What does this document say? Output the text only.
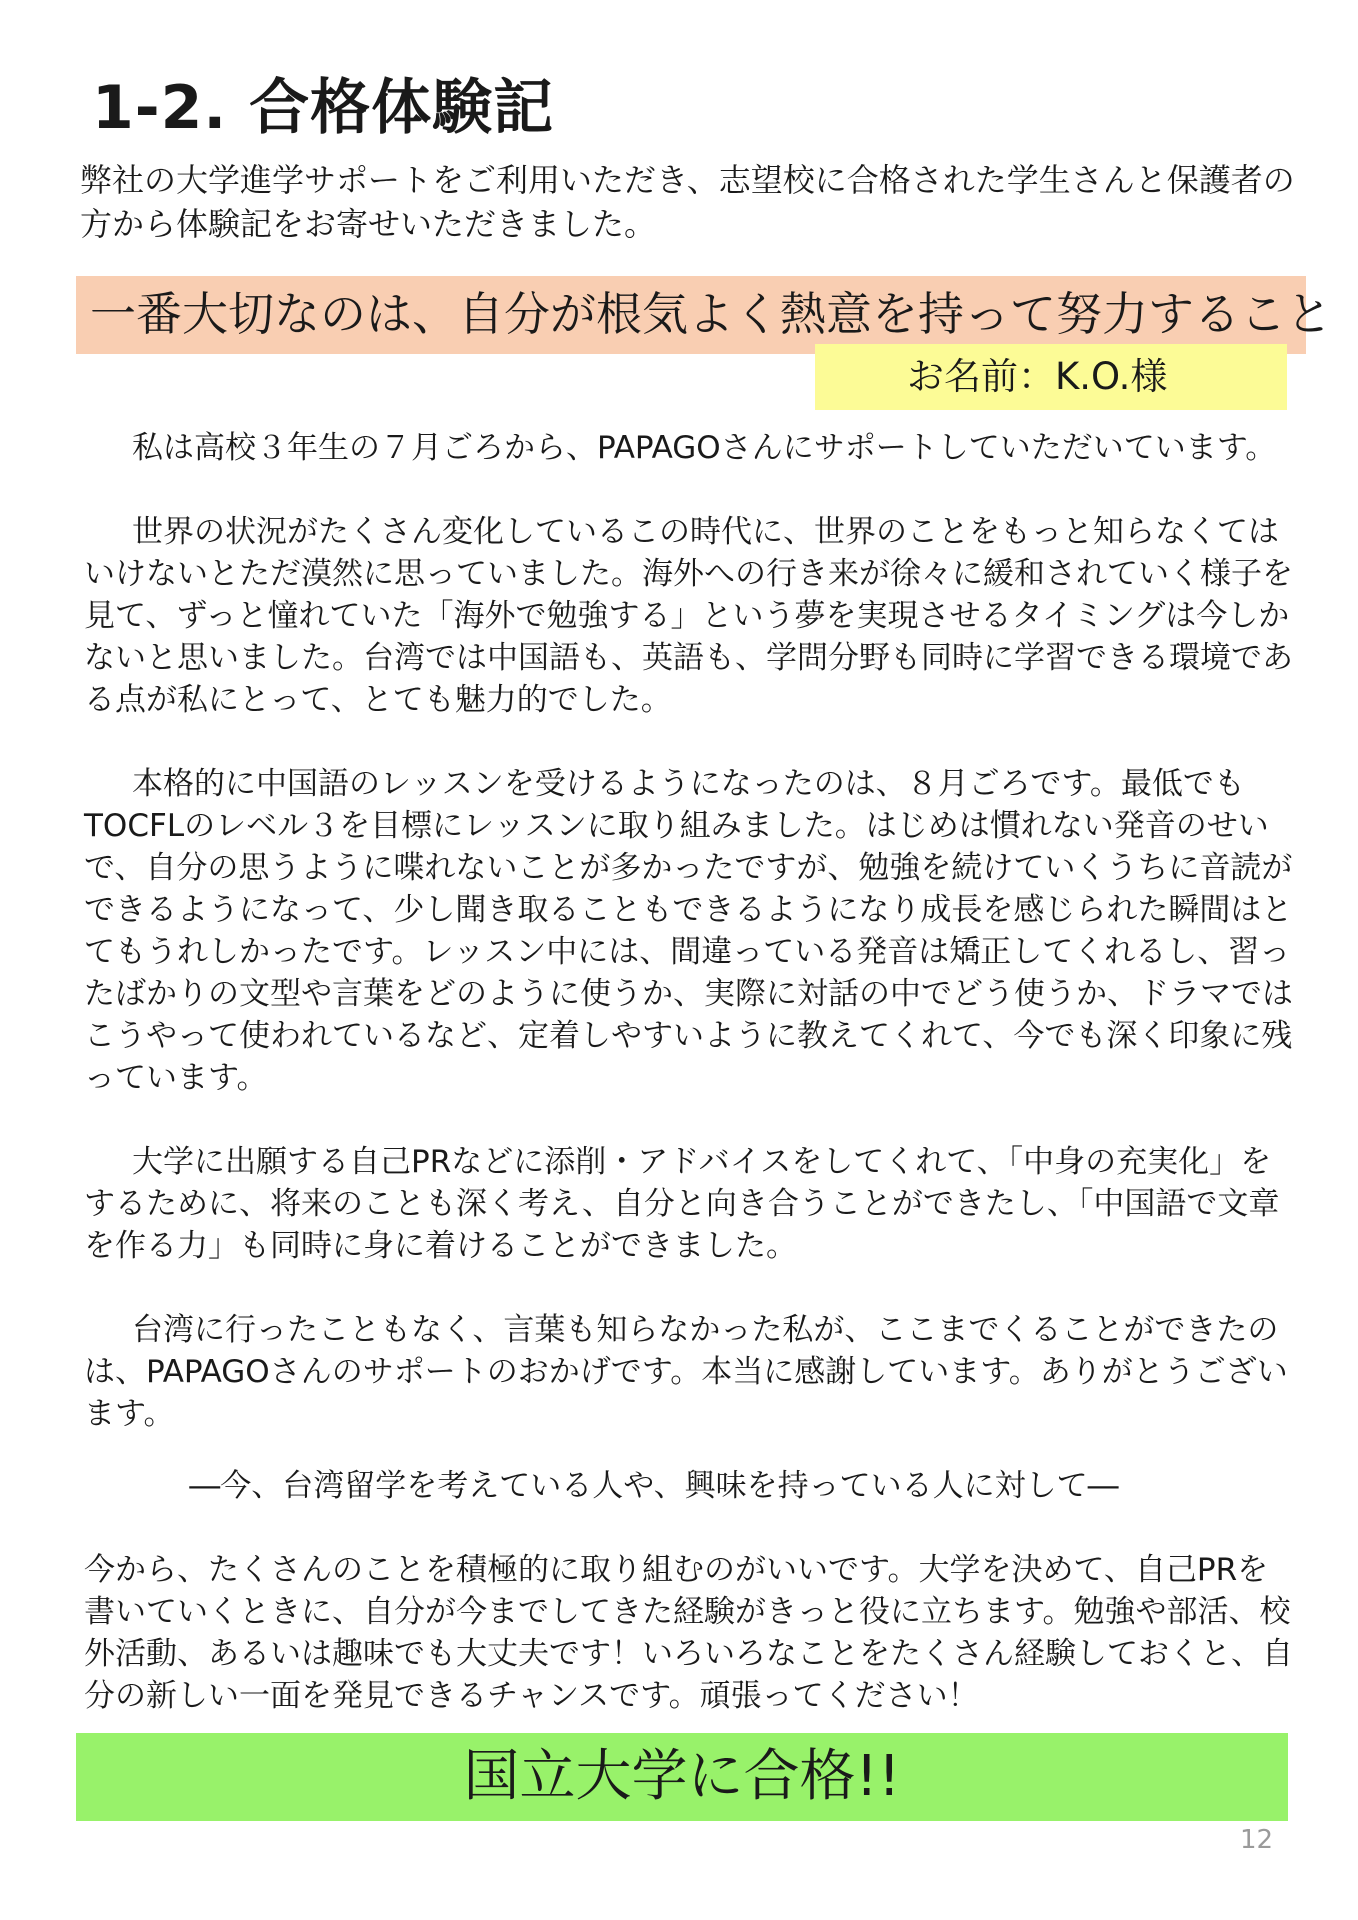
1-2. 合格体験記

弊社の大学進学サポートをご利用いただき、志望校に合格された学生さんと保護者の方から体験記をお寄せいただきました。

一番大切なのは、自分が根気よく熱意を持って努力すること
お名前：K.O.様

私は高校３年生の７月ごろから、PAPAGOさんにサポートしていただいています。

世界の状況がたくさん変化しているこの時代に、世界のことをもっと知らなくてはいけないとただ漠然に思っていました。海外への行き来が徐々に緩和されていく様子を見て、ずっと憧れていた「海外で勉強する」という夢を実現させるタイミングは今しかないと思いました。台湾では中国語も、英語も、学問分野も同時に学習できる環境である点が私にとって、とても魅力的でした。

本格的に中国語のレッスンを受けるようになったのは、８月ごろです。最低でもTOCFLのレベル３を目標にレッスンに取り組みました。はじめは慣れない発音のせいで、自分の思うように喋れないことが多かったですが、勉強を続けていくうちに音読ができるようになって、少し聞き取ることもできるようになり成長を感じられた瞬間はとてもうれしかったです。レッスン中には、間違っている発音は矯正してくれるし、習ったばかりの文型や言葉をどのように使うか、実際に対話の中でどう使うか、ドラマではこうやって使われているなど、定着しやすいように教えてくれて、今でも深く印象に残っています。

大学に出願する自己PRなどに添削・アドバイスをしてくれて、「中身の充実化」をするために、将来のことも深く考え、自分と向き合うことができたし、「中国語で文章を作る力」も同時に身に着けることができました。

台湾に行ったこともなく、言葉も知らなかった私が、ここまでくることができたのは、PAPAGOさんのサポートのおかげです。本当に感謝しています。ありがとうございます。

―今、台湾留学を考えている人や、興味を持っている人に対して―

今から、たくさんのことを積極的に取り組むのがいいです。大学を決めて、自己PRを書いていくときに、自分が今までしてきた経験がきっと役に立ちます。勉強や部活、校外活動、あるいは趣味でも大丈夫です！いろいろなことをたくさん経験しておくと、自分の新しい一面を発見できるチャンスです。頑張ってください！

国立大学に合格!!
12
